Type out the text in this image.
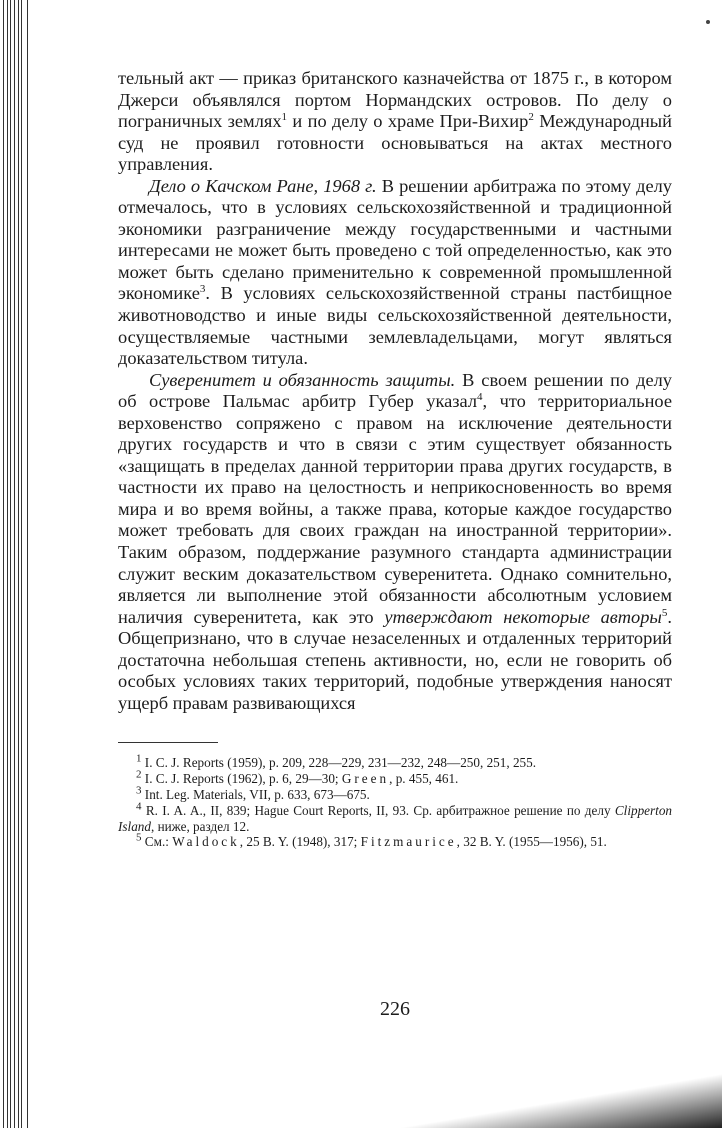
тельный акт — приказ британского казначейства от 1875 г., в котором Джерси объявлялся портом Нормандских островов. По делу о пограничных землях$^1$ и по делу о храме При-Вихир$^2$ Международный суд не проявил готовности основываться на актах местного управления.

Дело о Качском Ране, 1968 г. В решении арбитража по этому делу отмечалось, что в условиях сельскохозяйственной и традиционной экономики разграничение между государственными и частными интересами не может быть проведено с той определенностью, как это может быть сделано применительно к современной промышленной экономике$^3$. В условиях сельскохозяйственной страны пастбищное животноводство и иные виды сельскохозяйственной деятельности, осуществляемые частными землевладельцами, могут являться доказательством титула.

Суверенитет и обязанность защиты. В своем решении по делу об острове Пальмас арбитр Губер указал$^4$, что территориальное верховенство сопряжено с правом на исключение деятельности других государств и что в связи с этим существует обязанность «защищать в пределах данной территории права других государств, в частности их право на целостность и неприкосновенность во время мира и во время войны, а также права, которые каждое государство может требовать для своих граждан на иностранной территории». Таким образом, поддержание разумного стандарта администрации служит веским доказательством суверенитета. Однако сомнительно, является ли выполнение этой обязанности абсолютным условием наличия суверенитета, как это утверждают некоторые авторы$^5$. Общепризнано, что в случае незаселенных и отдаленных территорий достаточна небольшая степень активности, но, если не говорить об особых условиях таких территорий, подобные утверждения наносят ущерб правам развивающихся

$^1$ I. C. J. Reports (1959), p. 209, 228—229, 231—232, 248—250, 251, 255.

$^2$ I. C. J. Reports (1962), p. 6, 29—30; Green, p. 455, 461.

$^3$ Int. Leg. Materials, VII, p. 633, 673—675.

$^4$ R. I. A. A., II, 839; Hague Court Reports, II, 93. Ср. арбитражное решение по делу Clipperton Island, ниже, раздел 12.

$^5$ См.: Waldock, 25 B. Y. (1948), 317; Fitzmaurice, 32 B. Y. (1955—1956), 51.

226
